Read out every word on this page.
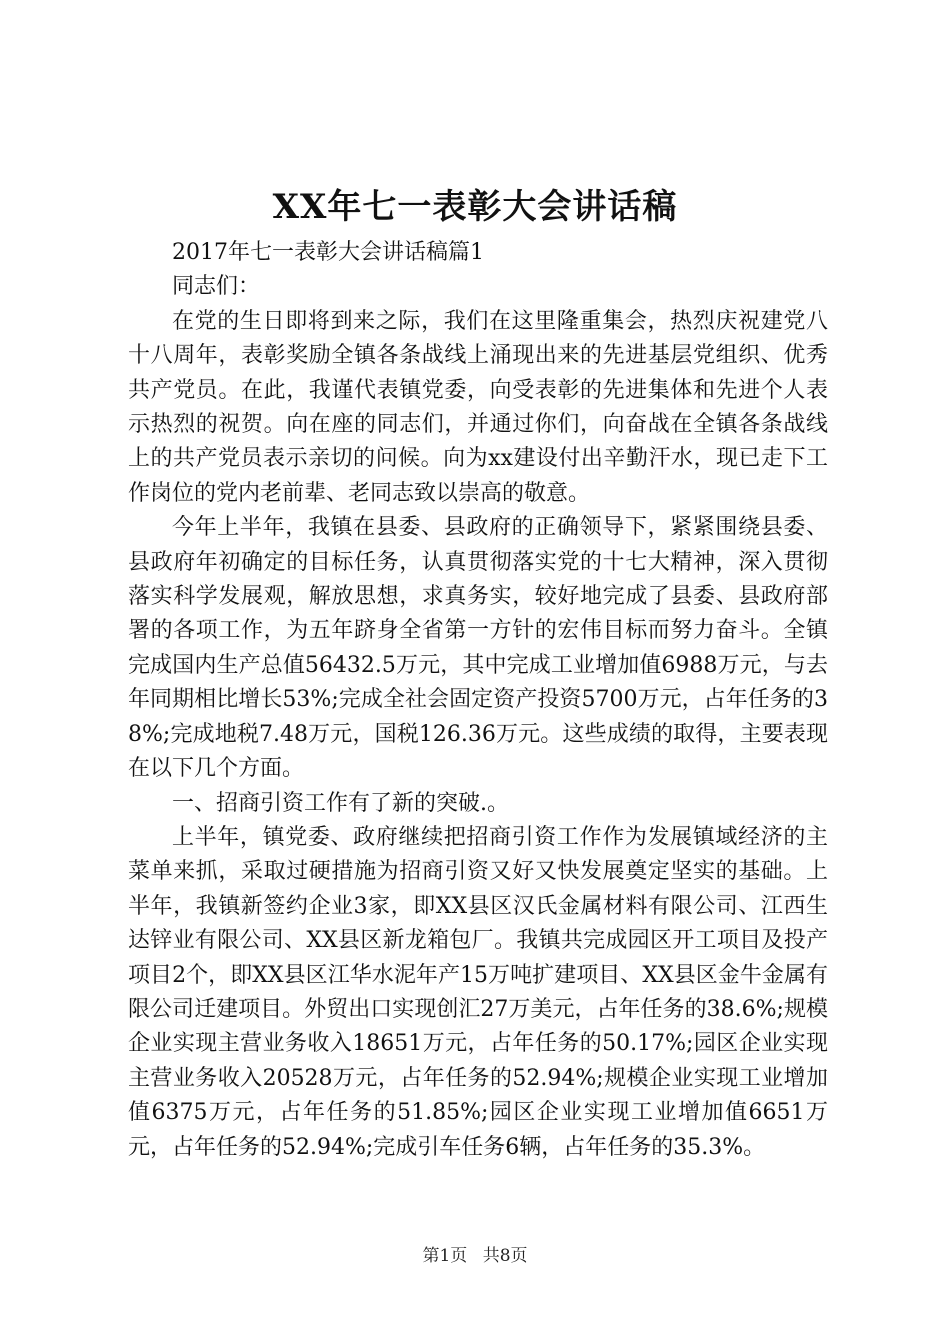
XX年七一表彰大会讲话稿

2017年七一表彰大会讲话稿篇1

同志们：

在党的生日即将到来之际，我们在这里隆重集会，热烈庆祝建党八十八周年，表彰奖励全镇各条战线上涌现出来的先进基层党组织、优秀共产党员。在此，我谨代表镇党委，向受表彰的先进集体和先进个人表示热烈的祝贺。向在座的同志们，并通过你们，向奋战在全镇各条战线上的共产党员表示亲切的问候。向为xx建设付出辛勤汗水，现已走下工作岗位的党内老前辈、老同志致以崇高的敬意。

今年上半年，我镇在县委、县政府的正确领导下，紧紧围绕县委、县政府年初确定的目标任务，认真贯彻落实党的十七大精神，深入贯彻落实科学发展观，解放思想，求真务实，较好地完成了县委、县政府部署的各项工作，为五年跻身全省第一方针的宏伟目标而努力奋斗。全镇完成国内生产总值56432.5万元，其中完成工业增加值6988万元，与去年同期相比增长53%;完成全社会固定资产投资5700万元，占年任务的38%;完成地税7.48万元，国税126.36万元。这些成绩的取得，主要表现在以下几个方面。

一、招商引资工作有了新的突破.。

上半年，镇党委、政府继续把招商引资工作作为发展镇域经济的主菜单来抓，采取过硬措施为招商引资又好又快发展奠定坚实的基础。上半年，我镇新签约企业3家，即XX县区汉氏金属材料有限公司、江西生达锌业有限公司、XX县区新龙箱包厂。我镇共完成园区开工项目及投产项目2个，即XX县区江华水泥年产15万吨扩建项目、XX县区金牛金属有限公司迁建项目。外贸出口实现创汇27万美元，占年任务的38.6%;规模企业实现主营业务收入18651万元，占年任务的50.17%;园区企业实现主营业务收入20528万元，占年任务的52.94%;规模企业实现工业增加值6375万元，占年任务的51.85%;园区企业实现工业增加值6651万元，占年任务的52.94%;完成引车任务6辆，占年任务的35.3%。

第1页 共8页
